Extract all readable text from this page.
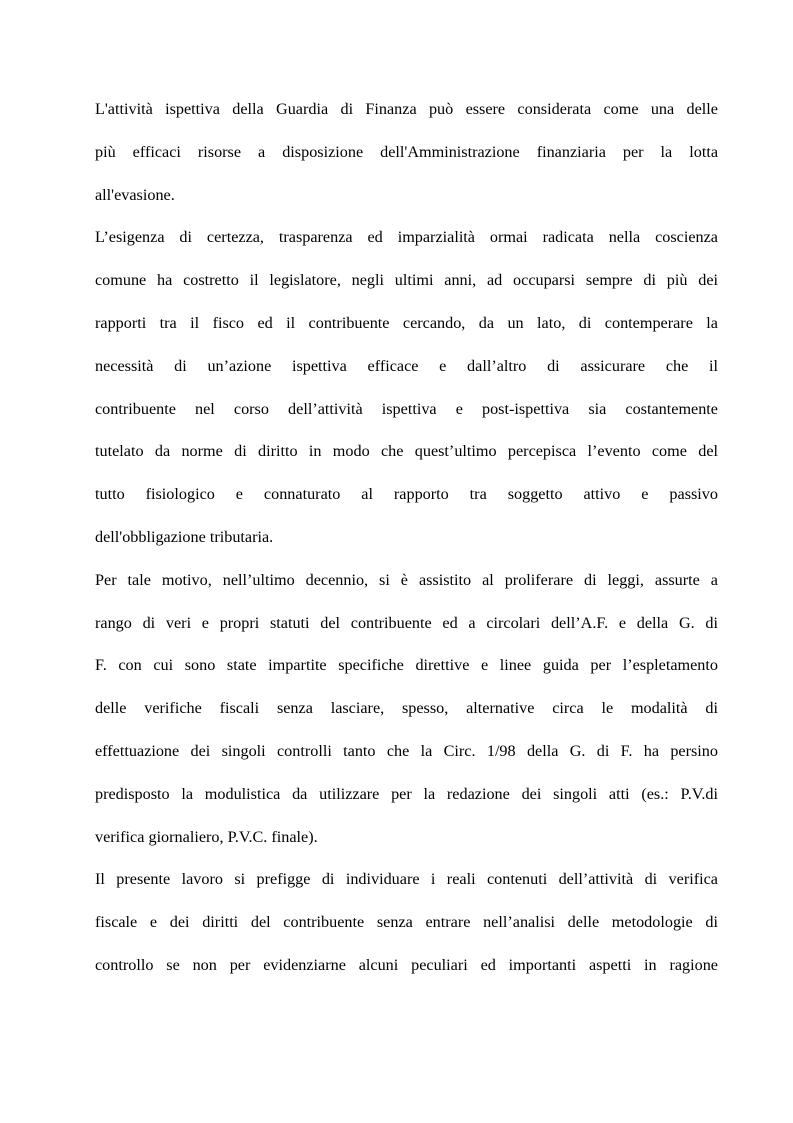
L'attività ispettiva della Guardia di Finanza può essere considerata come una delle
più efficaci risorse a disposizione dell'Amministrazione finanziaria per la lotta
all'evasione.
L’esigenza di certezza, trasparenza ed imparzialità ormai radicata nella coscienza
comune ha costretto il legislatore, negli ultimi anni, ad occuparsi sempre di più dei
rapporti tra il fisco ed il contribuente cercando, da un lato, di contemperare la
necessità di un’azione ispettiva efficace e dall’altro di assicurare che il
contribuente nel corso dell’attività ispettiva e post-ispettiva sia costantemente
tutelato da norme di diritto in modo che quest’ultimo percepisca l’evento come del
tutto fisiologico e connaturato al rapporto tra soggetto attivo e passivo
dell'obbligazione tributaria.
Per tale motivo, nell’ultimo decennio, si è assistito al proliferare di leggi, assurte a
rango di veri e propri statuti del contribuente ed a circolari dell’A.F. e della G. di
F. con cui sono state impartite specifiche direttive e linee guida per l’espletamento
delle verifiche fiscali senza lasciare, spesso, alternative circa le modalità di
effettuazione dei singoli controlli tanto che la Circ. 1/98 della G. di F. ha persino
predisposto la modulistica da utilizzare per la redazione dei singoli atti (es.: P.V.di
verifica giornaliero, P.V.C. finale).
Il presente lavoro si prefigge di individuare i reali contenuti dell’attività di verifica
fiscale e dei diritti del contribuente senza entrare nell’analisi delle metodologie di
controllo se non per evidenziarne alcuni peculiari ed importanti aspetti in ragione
